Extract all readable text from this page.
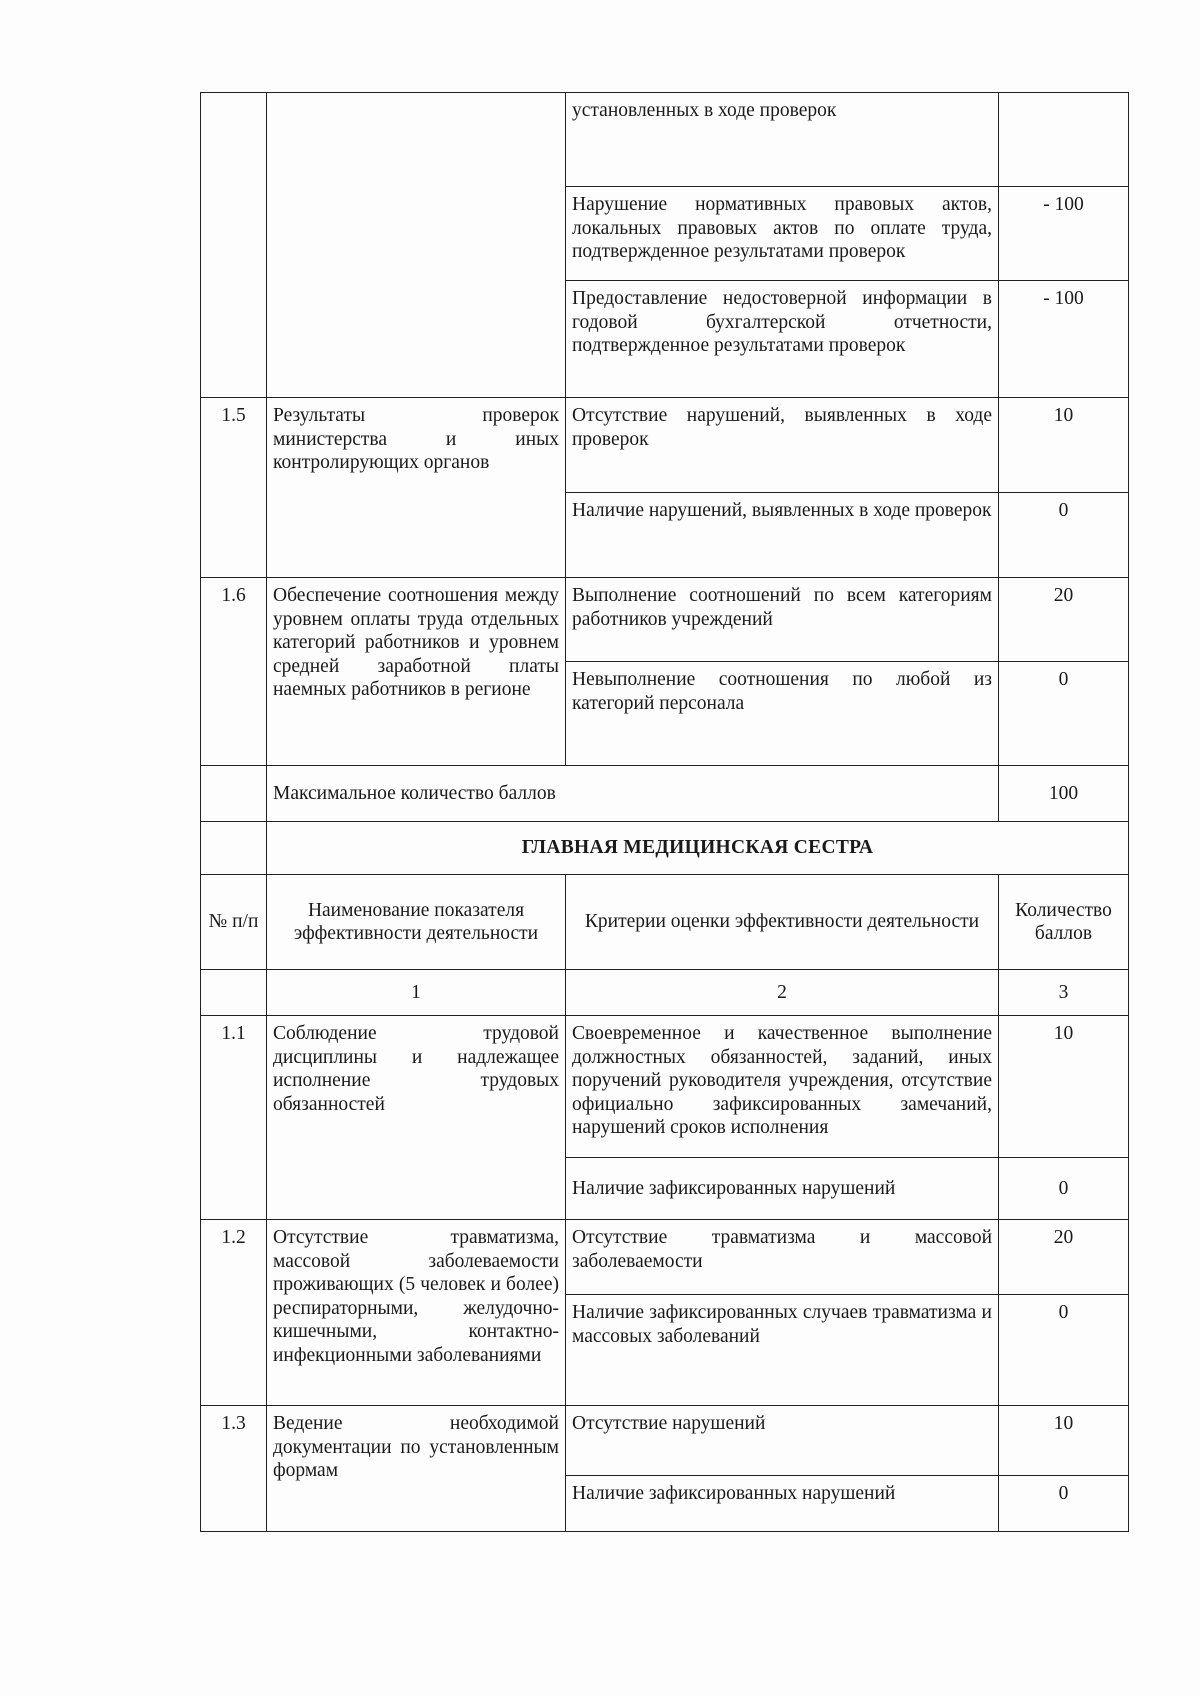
		установленных в ходе проверок	
		Нарушение нормативных правовых актов, локальных правовых актов по оплате труда, подтвержденное результатами проверок	- 100
		Предоставление недостоверной информации в годовой бухгалтерской отчетности, подтвержденное результатами проверок	- 100
1.5	Результаты проверок министерства и иных контролирующих органов	Отсутствие нарушений, выявленных в ходе проверок	10
		Наличие нарушений, выявленных в ходе проверок	0
1.6	Обеспечение соотношения между уровнем оплаты труда отдельных категорий работников и уровнем средней заработной платы наемных работников в регионе	Выполнение соотношений по всем категориям работников учреждений	20
		Невыполнение соотношения по любой из категорий персонала	0
	Максимальное количество баллов		100
	ГЛАВНАЯ МЕДИЦИНСКАЯ СЕСТРА		
№ п/п	Наименование показателя эффективности деятельности	Критерии оценки эффективности деятельности	Количество баллов
	1	2	3
1.1	Соблюдение трудовой дисциплины и надлежащее исполнение трудовых обязанностей	Своевременное и качественное выполнение должностных обязанностей, заданий, иных поручений руководителя учреждения, отсутствие официально зафиксированных замечаний, нарушений сроков исполнения	10
		Наличие зафиксированных нарушений	0
1.2	Отсутствие травматизма, массовой заболеваемости проживающих (5 человек и более) респираторными, желудочно-кишечными, контактно-инфекционными заболеваниями	Отсутствие травматизма и массовой заболеваемости	20
		Наличие зафиксированных случаев травматизма и массовых заболеваний	0
1.3	Ведение необходимой документации по установленным формам	Отсутствие нарушений	10
		Наличие зафиксированных нарушений	0
